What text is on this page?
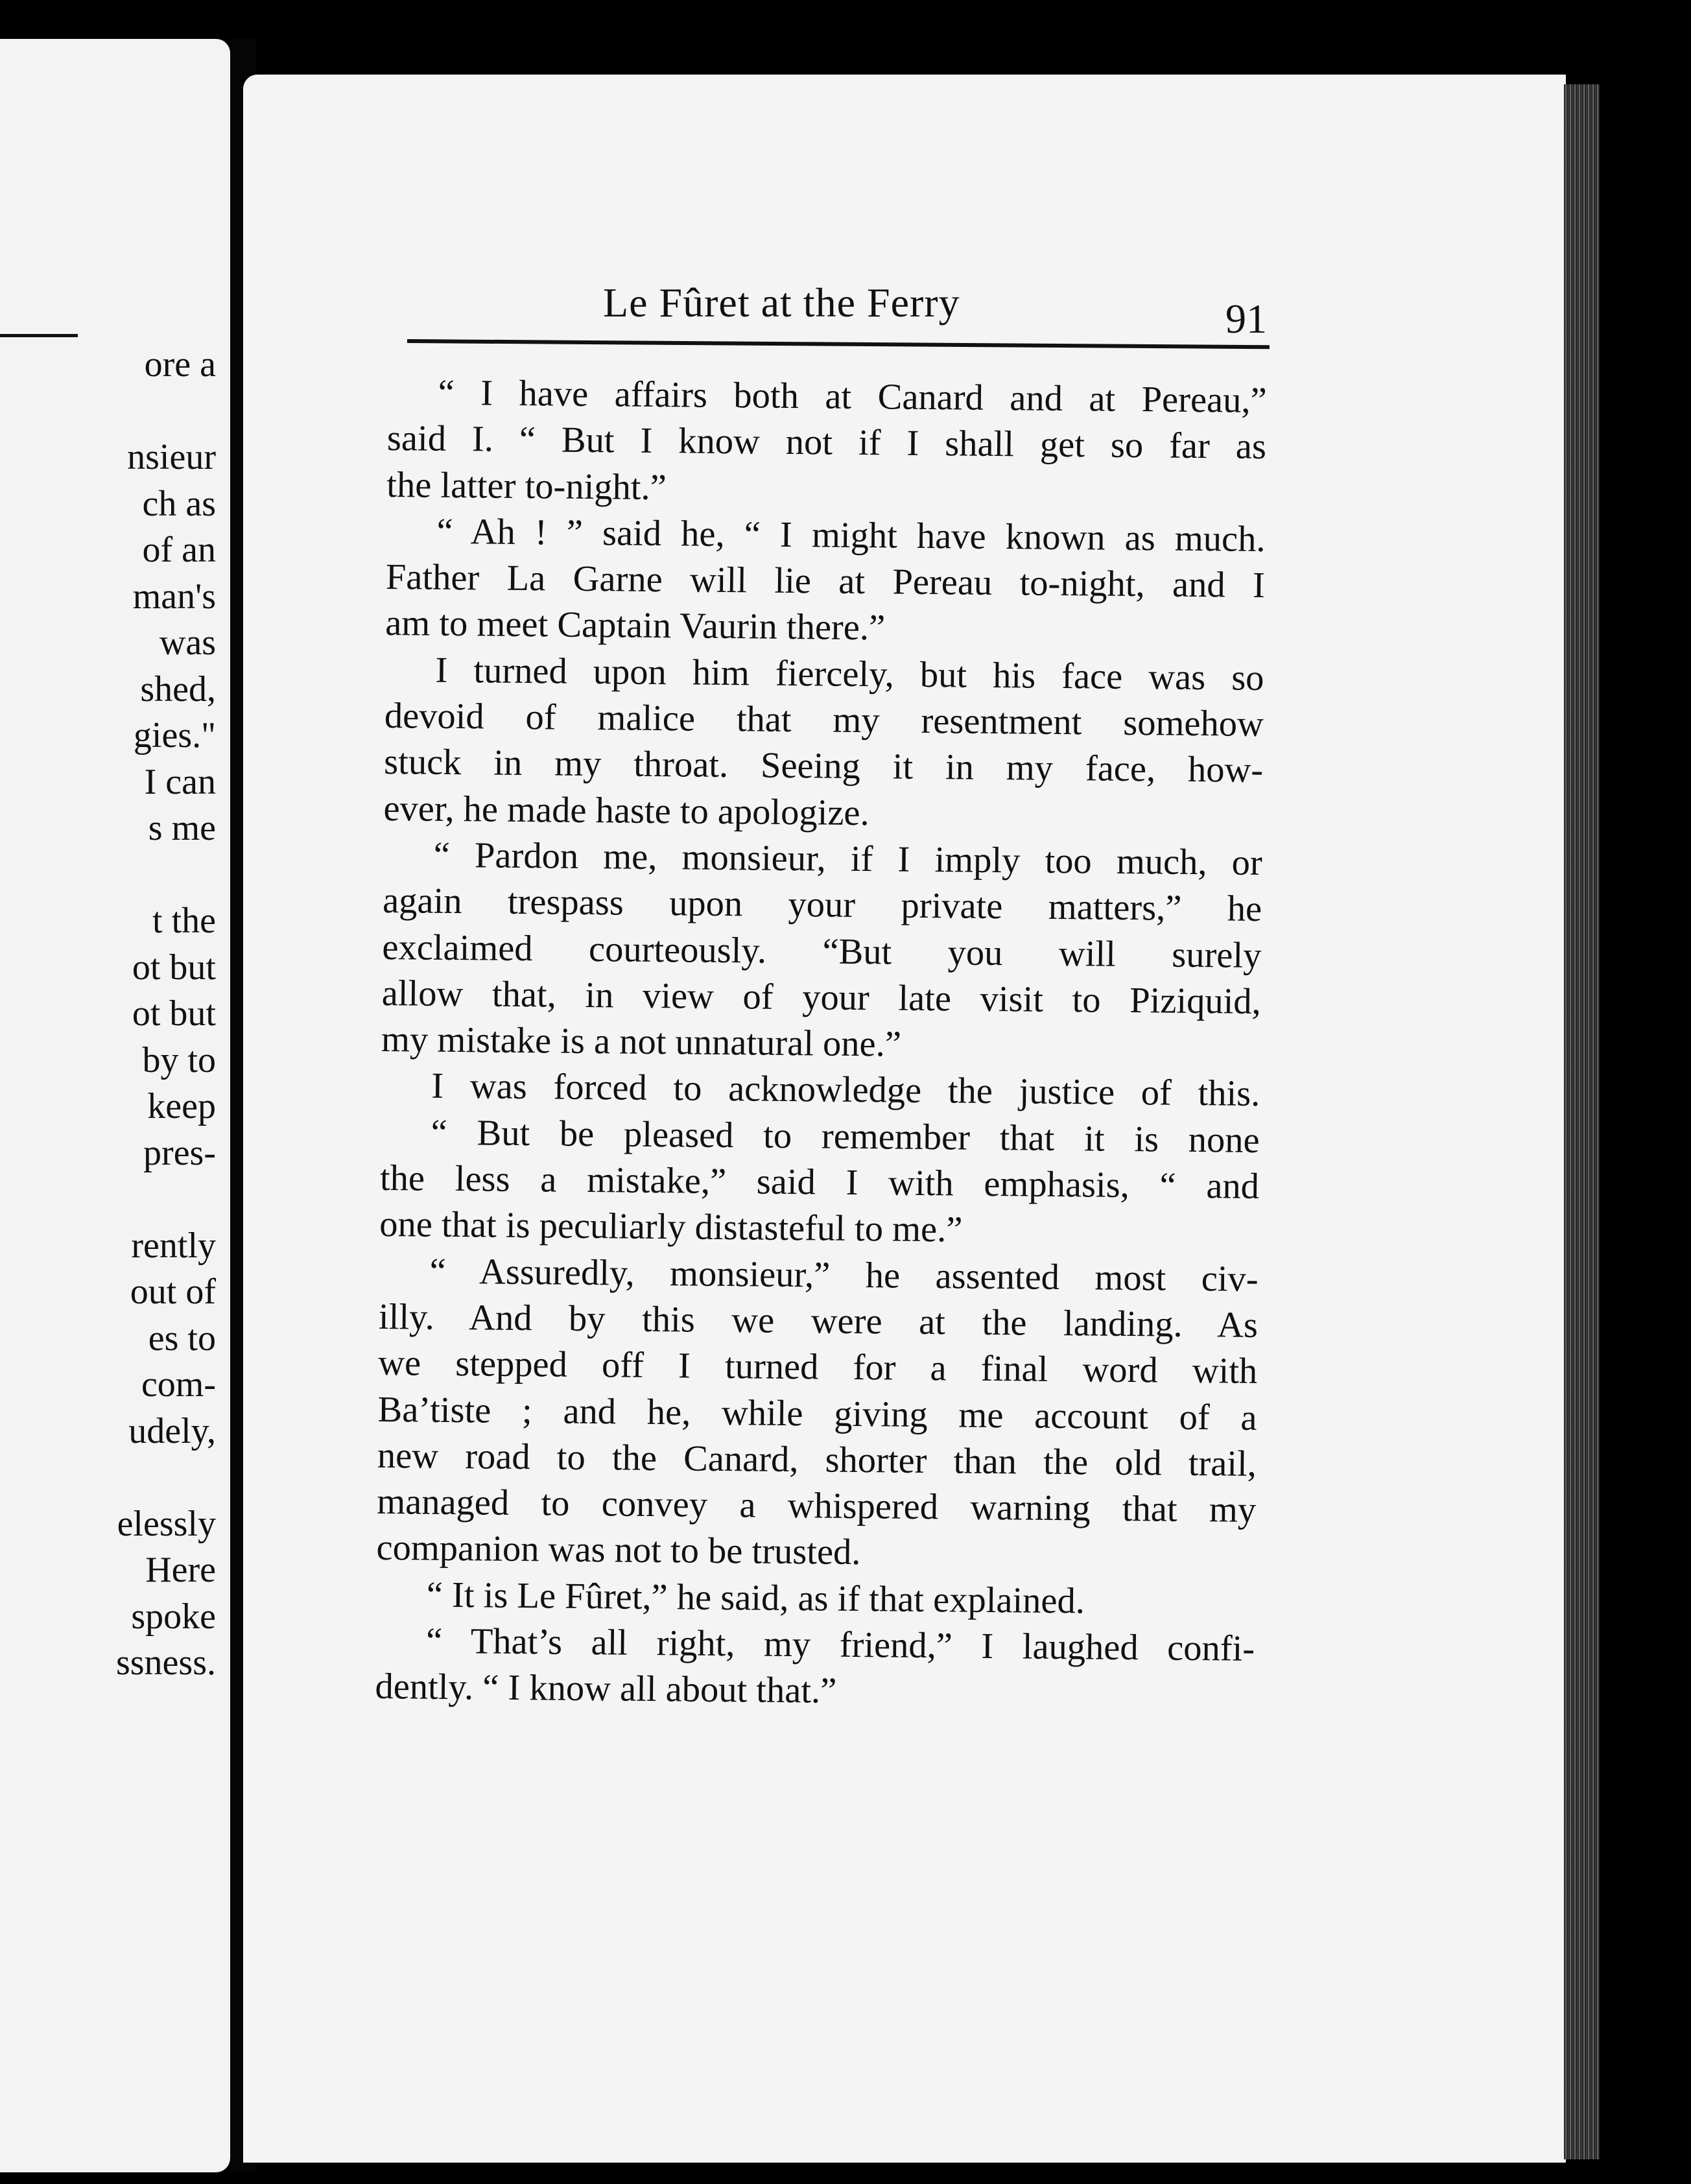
ore a
nsieur
ch as
of an
man's
was
shed,
gies."
I can
s me
t the
ot but
ot but
by to
keep
pres-
rently
out of
es to
com-
udely,
elessly
Here
spoke
ssness.
Le Fûret at the Ferry	91
“ I have affairs both at Canard and at Pereau,”
said I. “ But I know not if I shall get so far as
the latter to-night.”
“ Ah ! ” said he, “ I might have known as much.
Father La Garne will lie at Pereau to-night, and I
am to meet Captain Vaurin there.”
I turned upon him fiercely, but his face was so
devoid of malice that my resentment somehow
stuck in my throat. Seeing it in my face, how-
ever, he made haste to apologize.
“ Pardon me, monsieur, if I imply too much, or
again trespass upon your private matters,” he
exclaimed courteously. “But you will surely
allow that, in view of your late visit to Piziquid,
my mistake is a not unnatural one.”
I was forced to acknowledge the justice of this.
“ But be pleased to remember that it is none
the less a mistake,” said I with emphasis, “ and
one that is peculiarly distasteful to me.”
“ Assuredly, monsieur,” he assented most civ-
illy. And by this we were at the landing. As
we stepped off I turned for a final word with
Ba’tiste ; and he, while giving me account of a
new road to the Canard, shorter than the old trail,
managed to convey a whispered warning that my
companion was not to be trusted.
“ It is Le Fûret,” he said, as if that explained.
“ That’s all right, my friend,” I laughed confi-
dently. “ I know all about that.”
